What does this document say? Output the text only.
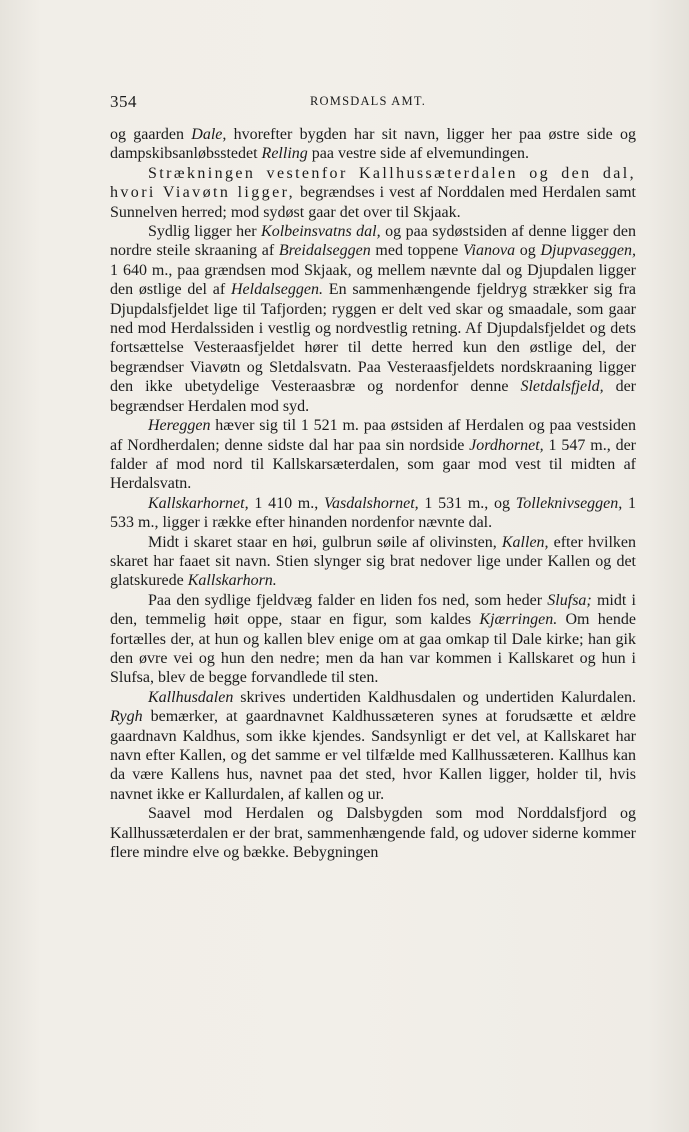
354	ROMSDALS AMT.

og gaarden Dale, hvorefter bygden har sit navn, ligger her paa østre side og dampskibsanløbsstedet Relling paa vestre side af elvemundingen.

Strækningen vestenfor Kallhussæterdalen og den dal, hvori Viavøtn ligger, begrændses i vest af Norddalen med Herdalen samt Sunnelven herred; mod sydøst gaar det over til Skjaak.

Sydlig ligger her Kolbeinsvatns dal, og paa sydøstsiden af denne ligger den nordre steile skraaning af Breidalseggen med toppene Vianova og Djupvaseggen, 1 640 m., paa grændsen mod Skjaak, og mellem nævnte dal og Djupdalen ligger den østlige del af Heldalseggen. En sammenhængende fjeldryg strækker sig fra Djupdalsfjeldet lige til Tafjorden; ryggen er delt ved skar og smaadale, som gaar ned mod Herdalssiden i vestlig og nordvestlig retning. Af Djupdalsfjeldet og dets fortsættelse Vesteraasfjeldet hører til dette herred kun den østlige del, der begrændser Viavøtn og Sletdalsvatn. Paa Vesteraasfjeldets nordskraaning ligger den ikke ubetydelige Vesteraasbræ og nordenfor denne Sletdalsfjeld, der begrændser Herdalen mod syd.

Hereggen hæver sig til 1 521 m. paa østsiden af Herdalen og paa vestsiden af Nordherdalen; denne sidste dal har paa sin nordside Jordhornet, 1 547 m., der falder af mod nord til Kallskarsæterdalen, som gaar mod vest til midten af Herdalsvatn.

Kallskarhornet, 1 410 m., Vasdalshornet, 1 531 m., og Tolleknivseggen, 1 533 m., ligger i række efter hinanden nordenfor nævnte dal.

Midt i skaret staar en høi, gulbrun søile af olivinsten, Kallen, efter hvilken skaret har faaet sit navn. Stien slynger sig brat nedover lige under Kallen og det glatskurede Kallskarhorn.

Paa den sydlige fjeldvæg falder en liden fos ned, som heder Slufsa; midt i den, temmelig høit oppe, staar en figur, som kaldes Kjærringen. Om hende fortælles der, at hun og kallen blev enige om at gaa omkap til Dale kirke; han gik den øvre vei og hun den nedre; men da han var kommen i Kallskaret og hun i Slufsa, blev de begge forvandlede til sten.

Kallhusdalen skrives undertiden Kaldhusdalen og undertiden Kalurdalen. Rygh bemærker, at gaardnavnet Kaldhussæteren synes at forudsætte et ældre gaardnavn Kaldhus, som ikke kjendes. Sandsynligt er det vel, at Kallskaret har navn efter Kallen, og det samme er vel tilfælde med Kallhussæteren. Kallhus kan da være Kallens hus, navnet paa det sted, hvor Kallen ligger, holder til, hvis navnet ikke er Kallurdalen, af kallen og ur.

Saavel mod Herdalen og Dalsbygden som mod Norddalsfjord og Kallhussæterdalen er der brat, sammenhængende fald, og udover siderne kommer flere mindre elve og bække. Bebygningen
